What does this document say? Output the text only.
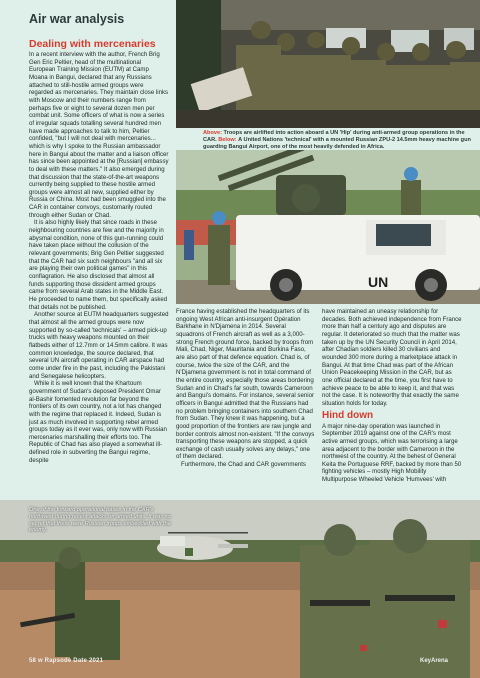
Air war analysis
Dealing with mercenaries

In a recent interview with the author, French Brig Gen Eric Peltier, head of the multinational European Training Mission (EUTM) at Camp Moana in Bangui, declared that any Russians attached to still-hostile armed groups were regarded as mercenaries. They maintain close links with Moscow and their numbers range from perhaps five or eight to several dozen men per combat unit. Some officers of what is now a series of irregular squads totalling several hundred men have made approaches to talk to him, Peltier confided, "but I will not deal with mercenaries... which is why I spoke to the Russian ambassador here in Bangui about the matter and a liaison officer has since been appointed at the [Russian] embassy to deal with these matters." It also emerged during that discussion that the state-of-the-art weapons currently being supplied to these hostile armed groups were almost all new, supplied either by Russia or China. Most had been smuggled into the CAR in container convoys, customarily routed through either Sudan or Chad.

It is also highly likely that since roads in these neighbouring countries are few and the majority in abysmal condition, none of this gun-running could have taken place without the collusion of the relevant governments; Brig Gen Peltier suggested that the CAR had six such neighbours "and all six are playing their own political games" in this conflagration. He also disclosed that almost all funds supporting those dissident armed groups came from several Arab states in the Middle East. He proceeded to name them, but specifically asked that details not be published.

Another source at EUTM headquarters suggested that almost all the armed groups were now supported by so-called 'technicals' – armed pick-up trucks with heavy weapons mounted on their flatbeds either of 12.7mm or 14.5mm calibre. It was common knowledge, the source declared, that several UN aircraft operating in CAR airspace had come under fire in the past, including the Pakistani and Senegalese helicopters.

While it is well known that the Khartoum government of Sudan's deposed President Omar al-Bashir fomented revolution far beyond the frontiers of its own country, not a lot has changed with the regime that replaced it. Indeed, Sudan is just as much involved in supporting rebel armed groups today as it ever was, only now with Russian mercenaries marshalling their efforts too. The Republic of Chad has also played a somewhat ill-defined role in subverting the Bangui regime, despite

Above: Troops are airlifted into action aboard a UN 'Hip' during anti-armed group operations in the CAR. Below: A United Nations 'technical' with a mounted Russian ZPU-2 14.5mm heavy machine gun guarding Bangui Airport, one of the most heavily defended in Africa.
UN

France having established the headquarters of its ongoing West African anti-insurgent Opération Barkhane in N'Djamena in 2014. Several squadrons of French aircraft as well as a 3,000-strong French ground force, backed by troops from Mali, Chad, Niger, Mauritania and Burkina Faso, are also part of that defence equation. Chad is, of course, twice the size of the CAR, and the N'Djamena government is not in total command of the entire country, especially those areas bordering Sudan and in Chad's far south, towards Cameroon and Bangui's domains. For instance, several senior officers in Bangui admitted that the Russians had no problem bringing containers into southern Chad from Sudan. They knew it was happening, but a good proportion of the frontiers are raw jungle and border controls almost non-existent. "If the convoys transporting these weapons are stopped, a quick exchange of cash usually solves any delays," one of them declared.

Furthermore, the Chad and CAR governments

have maintained an uneasy relationship for decades. Both achieved independence from France more than half a century ago and disputes are regular. It deteriorated so much that the matter was taken up by the UN Security Council in April 2014, after Chadian soldiers killed 30 civilians and wounded 300 more during a marketplace attack in Bangui. At that time Chad was part of the African Union Peacekeeping Mission in the CAR, but as one official declared at the time, you first have to achieve peace to be able to keep it, and that was not the case. It is noteworthy that exactly the same situation holds for today.

Hind down

A major nine-day operation was launched in September 2019 against one of the CAR's most active armed groups, which was terrorising a large area adjacent to the border with Cameroon in the northwest of the country. At the behest of General Keita the Portuguese RRF, backed by more than 50 fighting vehicles – mostly High Mobility Multipurpose Wheeled Vehicle 'Humvees' with

One of the forward operational bases in the CAR's northwest during recent attacks on armed units. It was no secret that there were Russian troops embedded with the enemy.
58 w Rapsode Date 2021	KeyArena
